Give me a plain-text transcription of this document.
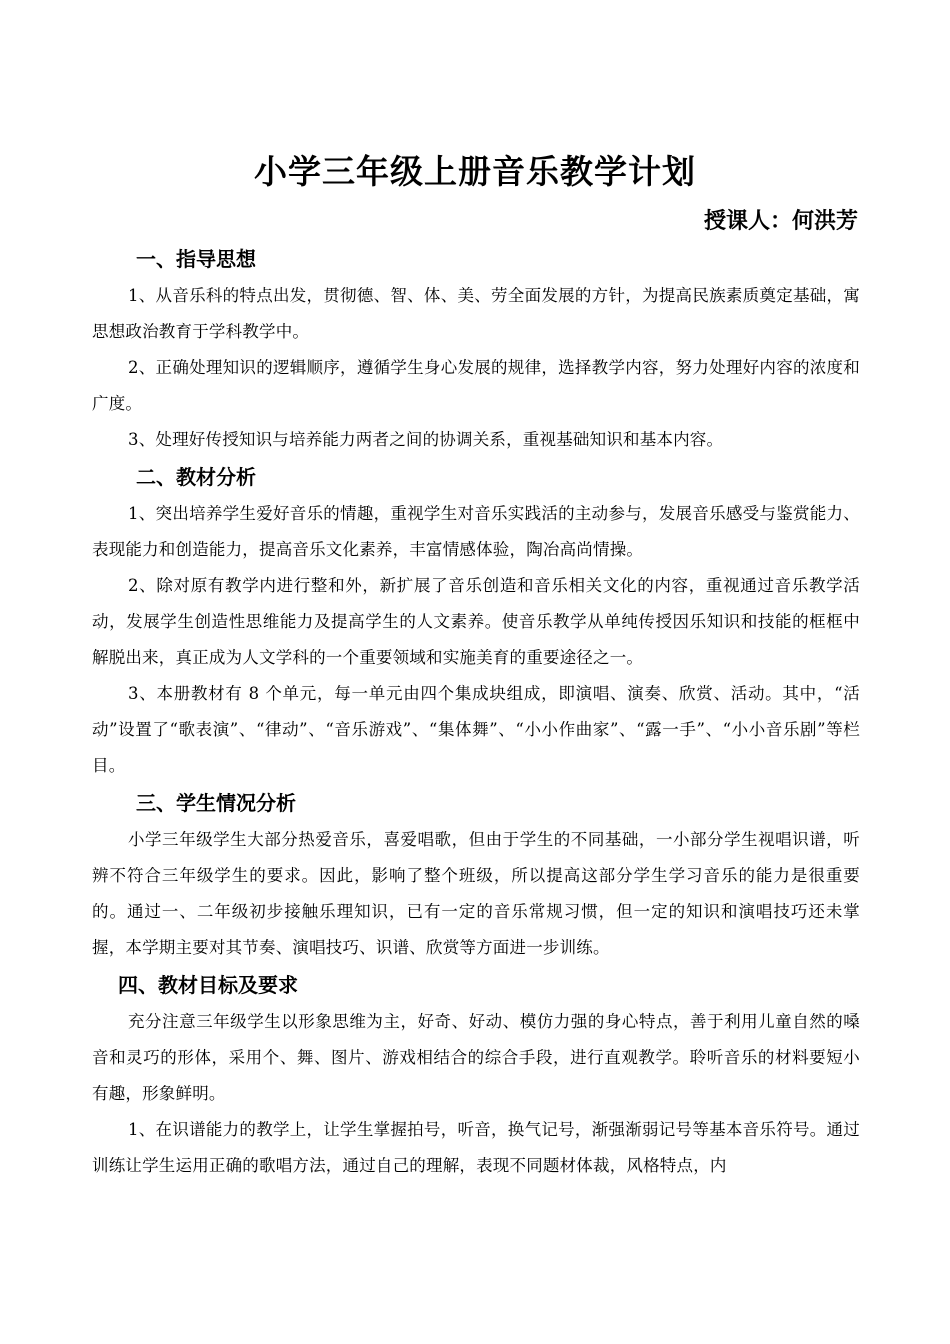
小学三年级上册音乐教学计划
授课人：何洪芳
一、指导思想

1、从音乐科的特点出发，贯彻德、智、体、美、劳全面发展的方针，为提高民族素质奠定基础，寓思想政治教育于学科教学中。

2、正确处理知识的逻辑顺序，遵循学生身心发展的规律，选择教学内容，努力处理好内容的浓度和广度。

3、处理好传授知识与培养能力两者之间的协调关系，重视基础知识和基本内容。

二、教材分析

1、突出培养学生爱好音乐的情趣，重视学生对音乐实践活的主动参与，发展音乐感受与鉴赏能力、表现能力和创造能力，提高音乐文化素养，丰富情感体验，陶冶高尚情操。

2、除对原有教学内进行整和外，新扩展了音乐创造和音乐相关文化的内容，重视通过音乐教学活动，发展学生创造性思维能力及提高学生的人文素养。使音乐教学从单纯传授因乐知识和技能的框框中解脱出来，真正成为人文学科的一个重要领域和实施美育的重要途径之一。

3、本册教材有 8 个单元，每一单元由四个集成块组成，即演唱、演奏、欣赏、活动。其中，“活动”设置了“歌表演”、“律动”、“音乐游戏”、“集体舞”、“小小作曲家”、“露一手”、“小小音乐剧”等栏目。

三、学生情况分析

小学三年级学生大部分热爱音乐，喜爱唱歌，但由于学生的不同基础，一小部分学生视唱识谱，听辨不符合三年级学生的要求。因此，影响了整个班级，所以提高这部分学生学习音乐的能力是很重要的。通过一、二年级初步接触乐理知识，已有一定的音乐常规习惯，但一定的知识和演唱技巧还未掌握，本学期主要对其节奏、演唱技巧、识谱、欣赏等方面进一步训练。

四、教材目标及要求

充分注意三年级学生以形象思维为主，好奇、好动、模仿力强的身心特点，善于利用儿童自然的嗓音和灵巧的形体，采用个、舞、图片、游戏相结合的综合手段，进行直观教学。聆听音乐的材料要短小有趣，形象鲜明。

1、在识谱能力的教学上，让学生掌握拍号，听音，换气记号，渐强渐弱记号等基本音乐符号。通过训练让学生运用正确的歌唱方法，通过自己的理解，表现不同题材体裁，风格特点，内
